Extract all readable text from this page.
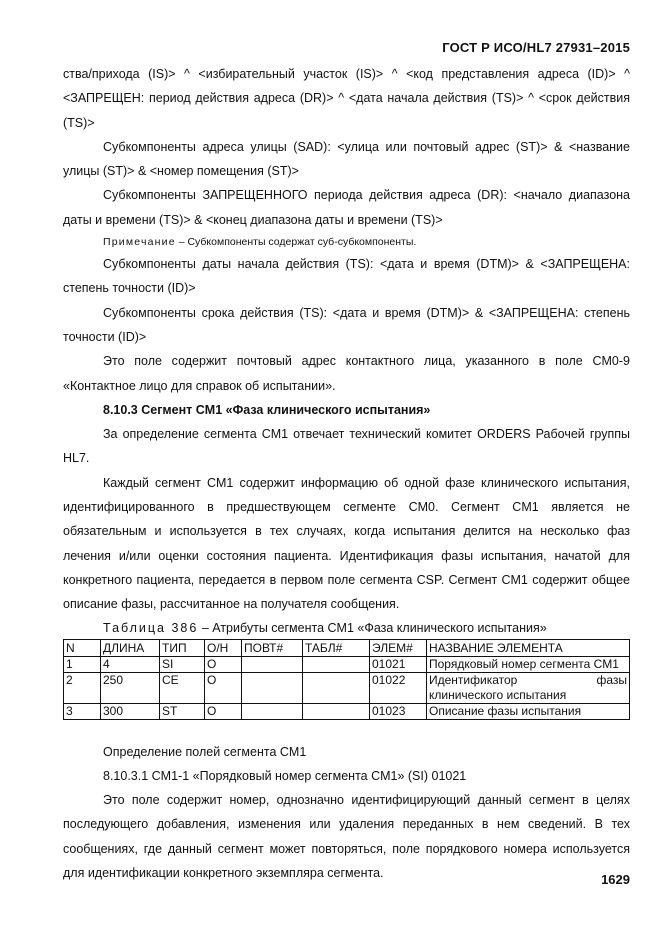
ГОСТ Р ИСО/HL7 27931–2015

ства/прихода (IS)> ^ <избирательный участок (IS)> ^ <код представления адреса (ID)> ^ <ЗАПРЕЩЕН: период действия адреса (DR)> ^ <дата начала действия (TS)> ^ <срок действия (TS)>

Субкомпоненты адреса улицы (SAD): <улица или почтовый адрес (ST)> & <название улицы (ST)> & <номер помещения (ST)>

Субкомпоненты ЗАПРЕЩЕННОГО периода действия адреса (DR): <начало диапазона даты и времени (TS)> & <конец диапазона даты и времени (TS)>

Примечание – Субкомпоненты содержат суб-субкомпоненты.

Субкомпоненты даты начала действия (TS): <дата и время (DTM)> & <ЗАПРЕЩЕНА: степень точности (ID)>

Субкомпоненты срока действия (TS): <дата и время (DTM)> & <ЗАПРЕЩЕНА: степень точности (ID)>

Это поле содержит почтовый адрес контактного лица, указанного в поле CM0-9 «Контактное лицо для справок об испытании».

8.10.3 Сегмент CM1 «Фаза клинического испытания»

За определение сегмента CM1 отвечает технический комитет ORDERS Рабочей группы HL7.

Каждый сегмент CM1 содержит информацию об одной фазе клинического испытания, идентифицированного в предшествующем сегменте CM0. Сегмент CM1 является не обязательным и используется в тех случаях, когда испытания делится на несколько фаз лечения и/или оценки состояния пациента. Идентификация фазы испытания, начатой для конкретного пациента, передается в первом поле сегмента CSP. Сегмент CM1 содержит общее описание фазы, рассчитанное на получателя сообщения.

Таблица 386 – Атрибуты сегмента CM1 «Фаза клинического испытания»

N	ДЛИНА	ТИП	О/Н	ПОВТ#	ТАБЛ#	ЭЛЕМ#	НАЗВАНИЕ ЭЛЕМЕНТА
1	4	SI	O			01021	Порядковый номер сегмента CM1
2	250	CE	O			01022	Идентификатор фазы клинического испытания
3	300	ST	O			01023	Описание фазы испытания

Определение полей сегмента CM1

8.10.3.1 CM1-1 «Порядковый номер сегмента CM1» (SI) 01021

Это поле содержит номер, однозначно идентифицирующий данный сегмент в целях последующего добавления, изменения или удаления переданных в нем сведений. В тех сообщениях, где данный сегмент может повторяться, поле порядкового номера используется для идентификации конкретного экземпляра сегмента.	1629
